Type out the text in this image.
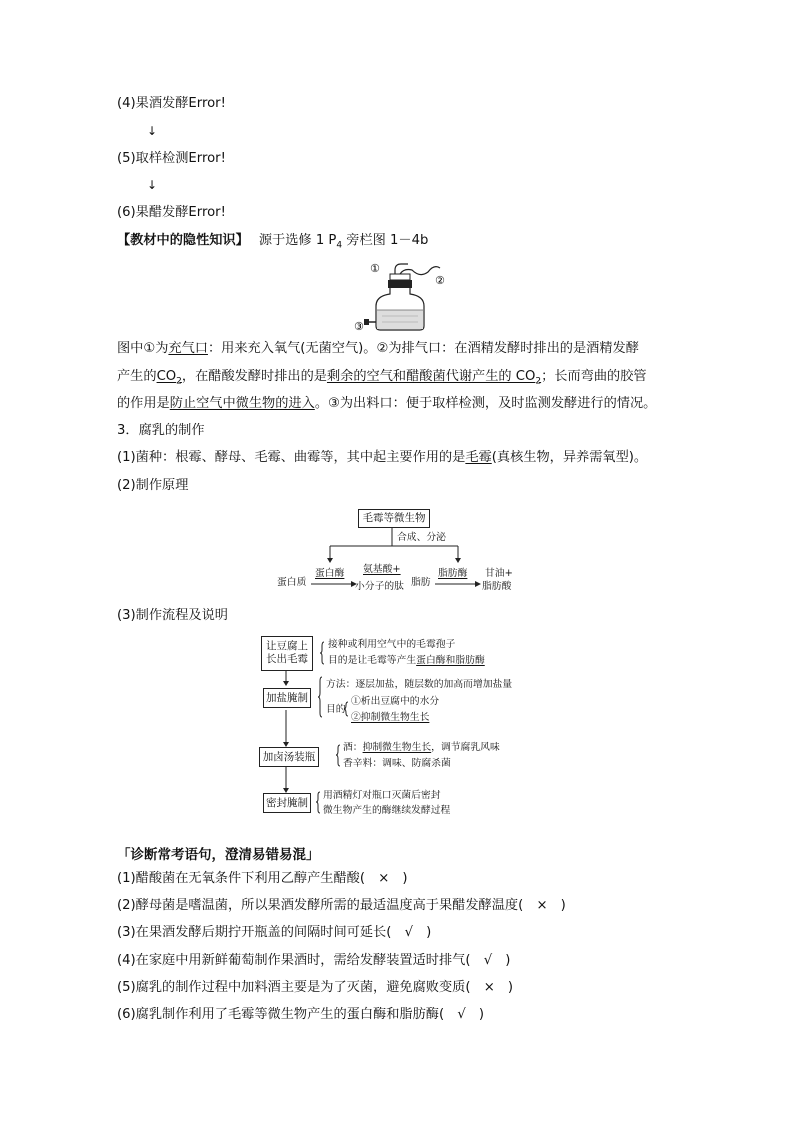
(4)果酒发酵Error!
↓
(5)取样检测Error!
↓
(6)果醋发酵Error!
【教材中的隐性知识】 源于选修 1 $P_4$ 旁栏图 1－4b
①
②
③
图中①为充气口：用来充入氧气(无菌空气)。②为排气口：在酒精发酵时排出的是酒精发酵
产生的$CO_2$，在醋酸发酵时排出的是剩余的空气和醋酸菌代谢产生的 $CO_2$；长而弯曲的胶管
的作用是防止空气中微生物的进入。③为出料口：便于取样检测，及时监测发酵进行的情况。
3．腐乳的制作
(1)菌种：根霉、酵母、毛霉、曲霉等，其中起主要作用的是毛霉(真核生物，异养需氧型)。
(2)制作原理
毛霉等微生物
合成、分泌
蛋白质
蛋白酶 氨基酸+
小分子的肽 脂肪
脂肪酶 甘油+
脂肪酸
(3)制作流程及说明
让豆腐上
长出毛霉
接种或利用空气中的毛霉孢子
目的是让毛霉等产生蛋白酶和脂肪酶
加盐腌制
方法：逐层加盐，随层数的加高而增加盐量
目的
①析出豆腐中的水分
②抑制微生物生长
加卤汤装瓶
酒：抑制微生物生长，调节腐乳风味
香辛料：调味、防腐杀菌
密封腌制
用酒精灯对瓶口灭菌后密封
微生物产生的酶继续发酵过程
「诊断常考语句，澄清易错易混」
(1)醋酸菌在无氧条件下利用乙醇产生醋酸(　×　)
(2)酵母菌是嗜温菌，所以果酒发酵所需的最适温度高于果醋发酵温度(　×　)
(3)在果酒发酵后期拧开瓶盖的间隔时间可延长(　√　)
(4)在家庭中用新鲜葡萄制作果酒时，需给发酵装置适时排气(　√　)
(5)腐乳的制作过程中加料酒主要是为了灭菌，避免腐败变质(　×　)
(6)腐乳制作利用了毛霉等微生物产生的蛋白酶和脂肪酶(　√　)
